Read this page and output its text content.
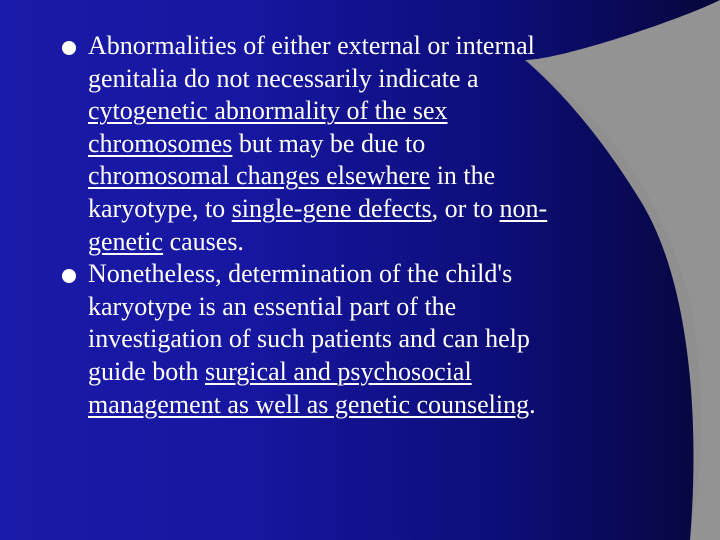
Abnormalities of either external or internal
genitalia do not necessarily indicate a
cytogenetic abnormality of the sex
chromosomes but may be due to
chromosomal changes elsewhere in the
karyotype, to single-gene defects, or to non-
genetic causes.
Nonetheless, determination of the child's
karyotype is an essential part of the
investigation of such patients and can help
guide both surgical and psychosocial
management as well as genetic counseling.
